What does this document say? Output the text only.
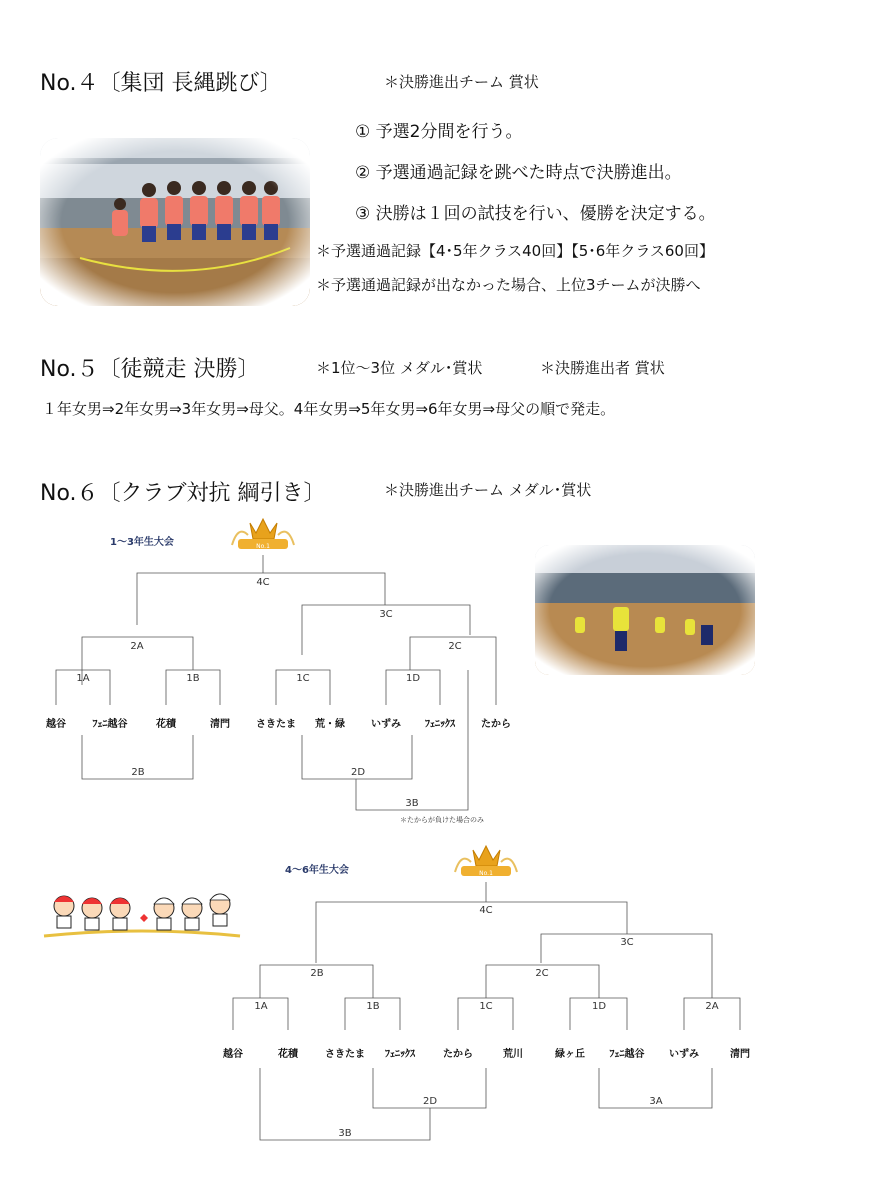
No.４〔集団 長縄跳び〕	＊決勝進出チーム 賞状
① 予選2分間を行う。
② 予選通過記録を跳べた時点で決勝進出。
③ 決勝は１回の試技を行い、優勝を決定する。
＊予選通過記録【4･5年クラス40回】【5･6年クラス60回】
＊予選通過記録が出なかった場合、上位3チームが決勝へ
No.５〔徒競走 決勝〕	＊1位～3位 メダル･賞状	＊決勝進出者 賞状
１年女男⇒2年女男⇒3年女男⇒母父。4年女男⇒5年女男⇒6年女男⇒母父の順で発走。
No.６〔クラブ対抗 綱引き〕	＊決勝進出チーム メダル･賞状
No.1
1～3年生大会
4C
3C
2A	2C
1A	1B	1C	1D
越谷	ﾌｪﾆ越谷	花積	清門	さきたま 荒・緑	いずみ ﾌｪﾆｯｸｽ	たから
2B	2D
3B
＊たからが負けた場合のみ
No.1
4～6年生大会
4C
3C
2B	2C
1A	1B	1C	1D	2A
越谷	花積	さきたま ﾌｪﾆｯｸｽ	たから	荒川	緑ヶ丘 ﾌｪﾆ越谷 いずみ	清門
2D	3A
3B
